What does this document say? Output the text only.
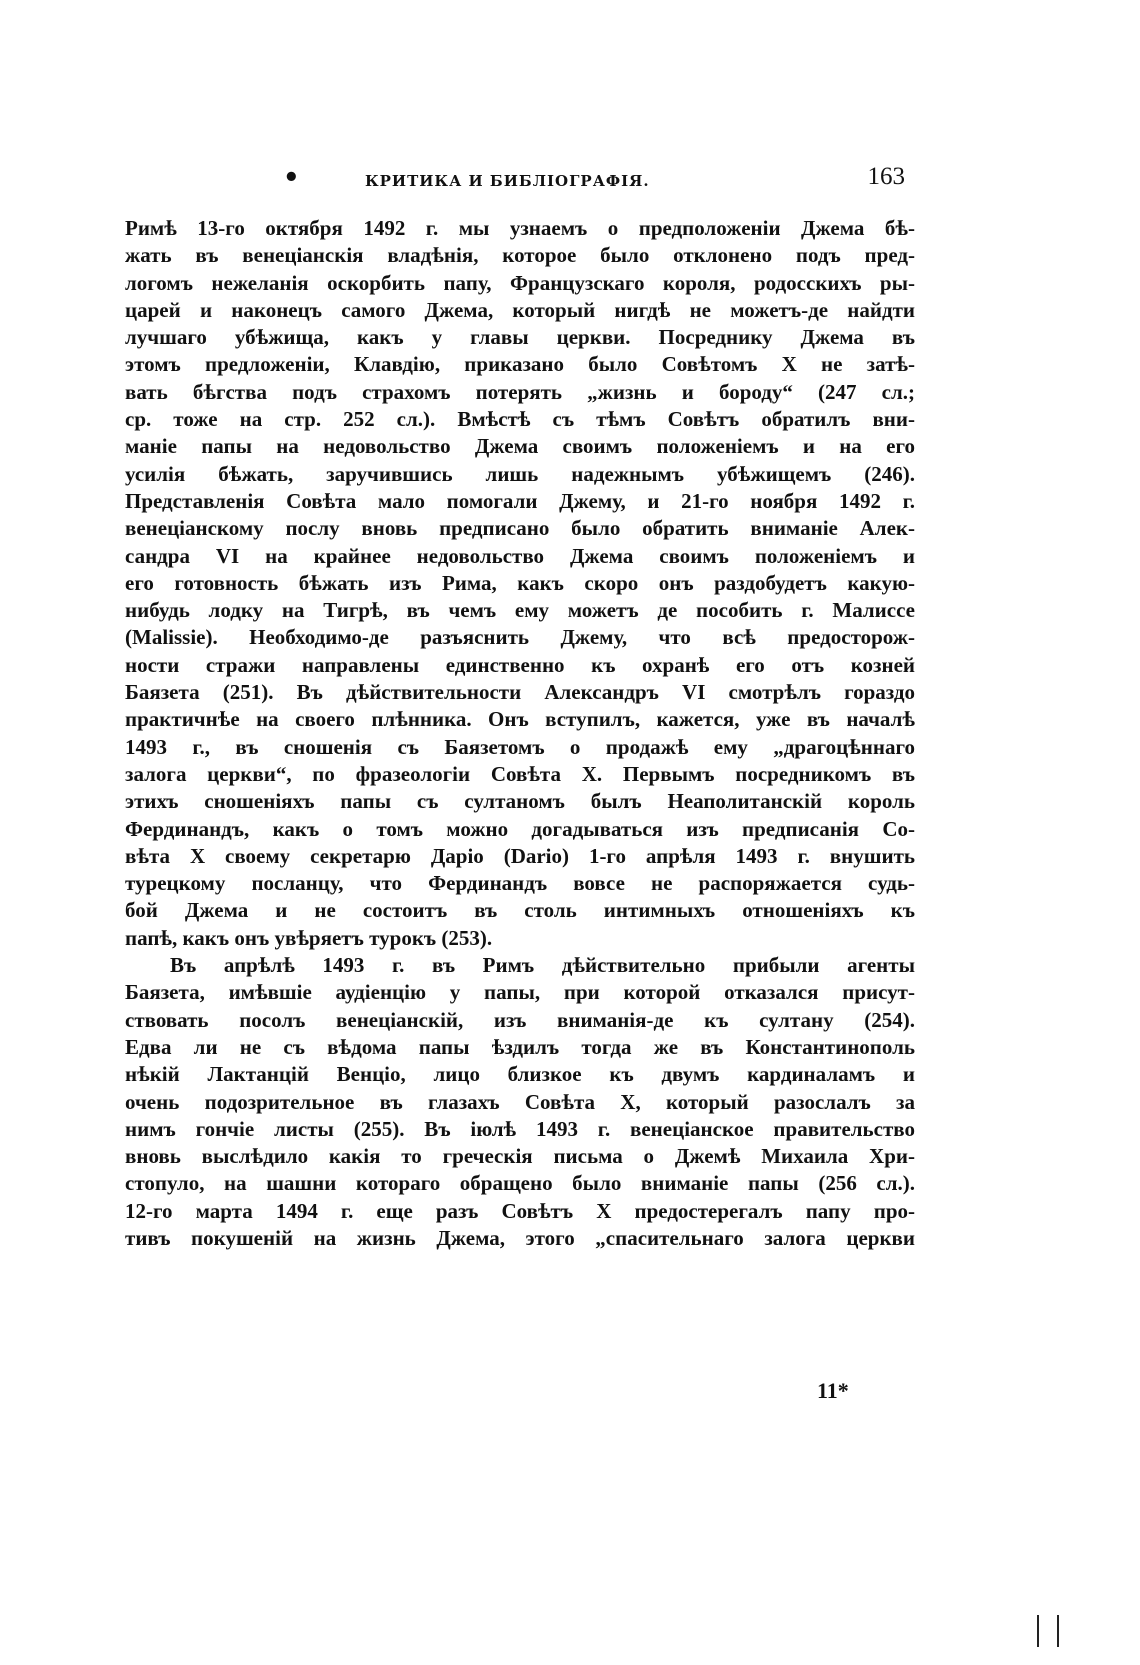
•	КРИТИКА И БИБЛIОГРАФIЯ.	163
Римѣ 13-го октября 1492 г. мы узнаемъ о предположенiи Джема бѣ-
жать въ венецiанскiя владѣнiя, которое было отклонено подъ пред-
логомъ нежеланiя оскорбить папу, Французскаго короля, родосскихъ ры-
царей и наконецъ самого Джема, который нигдѣ не можетъ-де найдти
лучшаго убѣжища, какъ у главы церкви. Посреднику Джема въ
этомъ предложенiи, Клавдiю, приказано было Совѣтомъ X не затѣ-
вать бѣгства подъ страхомъ потерять „жизнь и бороду“ (247 сл.;
ср. тоже на стр. 252 сл.). Вмѣстѣ съ тѣмъ Совѣтъ обратилъ вни-
манiе папы на недовольство Джема своимъ положенiемъ и на его
усилiя бѣжать, заручившись лишь надежнымъ убѣжищемъ (246).
Представленiя Совѣта мало помогали Джему, и 21-го ноября 1492 г.
венецiанскому послу вновь предписано было обратить вниманiе Алек-
сандра VI на крайнее недовольство Джема своимъ положенiемъ и
его готовность бѣжать изъ Рима, какъ скоро онъ раздобудетъ какую-
нибудь лодку на Тигрѣ, въ чемъ ему можетъ де пособить г. Малиссе
(Malissie). Необходимо-де разъяснить Джему, что всѣ предосторож-
ности стражи направлены единственно къ охранѣ его отъ козней
Баязета (251). Въ дѣйствительности Александръ VI смотрѣлъ гораздо
практичнѣе на своего плѣнника. Онъ вступилъ, кажется, уже въ началѣ
1493 г., въ сношенiя съ Баязетомъ о продажѣ ему „драгоцѣннаго
залога церкви“, по фразеологiи Совѣта X. Первымъ посредникомъ въ
этихъ сношенiяхъ папы съ султаномъ былъ Неаполитанскiй король
Фердинандъ, какъ о томъ можно догадываться изъ предписанiя Со-
вѣта X своему секретарю Дарiо (Dario) 1-го апрѣля 1493 г. внушить
турецкому посланцу, что Фердинандъ вовсе не распоряжается судь-
бой Джема и не состоитъ въ столь интимныхъ отношенiяхъ къ
папѣ, какъ онъ увѣряетъ турокъ (253).
Въ апрѣлѣ 1493 г. въ Римъ дѣйствительно прибыли агенты
Баязета, имѣвшiе аудiенцiю у папы, при которой отказался присут-
ствовать посолъ венецiанскiй, изъ вниманiя-де къ султану (254).
Едва ли не съ вѣдома папы ѣздилъ тогда же въ Константинополь
нѣкiй Лактанцiй Венцiо, лицо близкое къ двумъ кардиналамъ и
очень подозрительное въ глазахъ Совѣта X, который разослалъ за
нимъ гончiе листы (255). Въ iюлѣ 1493 г. венецiанское правительство
вновь выслѣдило какiя то греческiя письма о Джемѣ Михаила Хри-
стопуло, на шашни котораго обращено было вниманiе папы (256 сл.).
12-го марта 1494 г. еще разъ Совѣтъ X предостерегалъ папу про-
тивъ покушенiй на жизнь Джема, этого „спасительнаго залога церкви
11*
